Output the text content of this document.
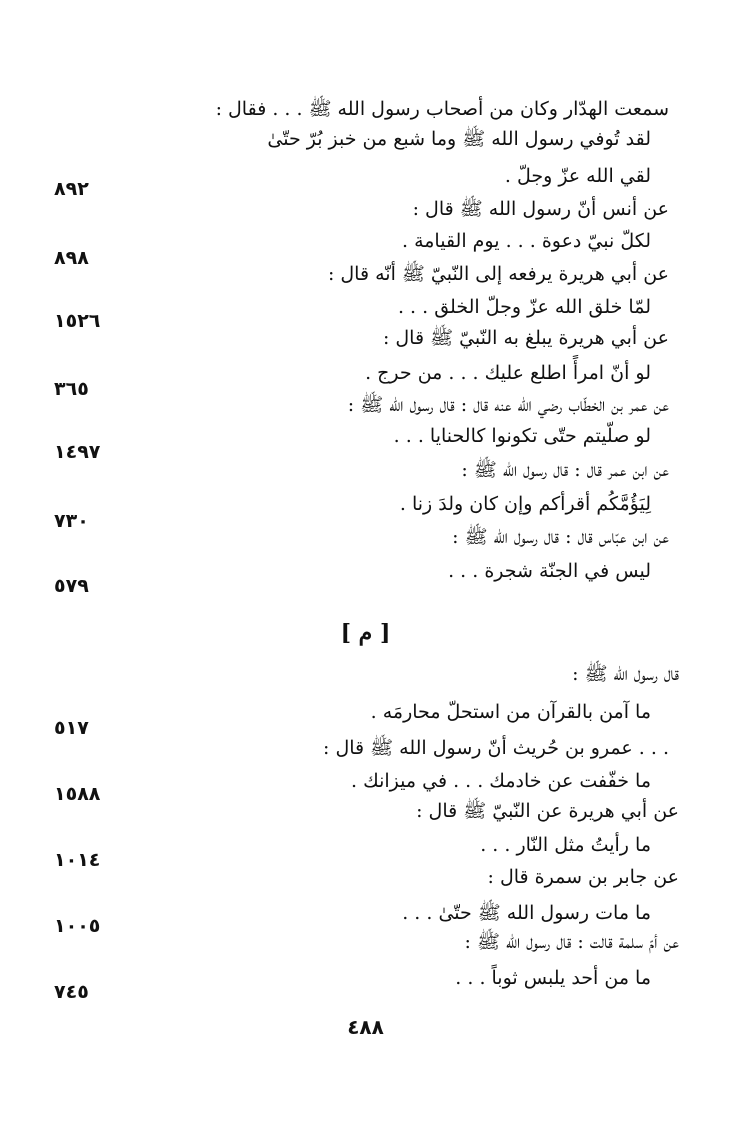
سمعت الهدّار وكان من أصحاب رسول الله ﷺ . . . فقال :
لقد تُوفي رسول الله ﷺ وما شبع من خبز بُرّ حتّىٰ
لقي الله عزّ وجلّ .
٨٩٢
عن أنس أنّ رسول الله ﷺ قال :
لكلّ نبيّ دعوة . . . يوم القيامة .
٨٩٨
عن أبي هريرة يرفعه إلى النّبيّ ﷺ أنّه قال :
لمّا خلق الله عزّ وجلّ الخلق . . .
١٥٢٦
عن أبي هريرة يبلغ به النّبيّ ﷺ قال :
لو أنّ امرأً اطلع عليك . . . من حرج .
٣٦٥
عن عمر بن الخطّاب رضي الله عنه قال : قال رسول الله ﷺ :
لو صلّيتم حتّى تكونوا كالحنايا . . .
١٤٩٧
عن ابن عمر قال : قال رسول الله ﷺ :
لِيَؤُمَّكُم أقرأكم وإن كان ولدَ زنا .
٧٣٠
عن ابن عبّاس قال : قال رسول الله ﷺ :
ليس في الجنّة شجرة . . .
٥٧٩
[ م ]
قال رسول الله ﷺ :
ما آمن بالقرآن من استحلّ محارمَه .
٥١٧
. . . عمرو بن حُريث أنّ رسول الله ﷺ قال :
ما خفّفت عن خادمك . . . في ميزانك .
١٥٨٨
عن أبي هريرة عن النّبيّ ﷺ قال :
ما رأيتُ مثل النّار . . .
١٠١٤
عن جابر بن سمرة قال :
ما مات رسول الله ﷺ حتّىٰ . . .
١٠٠٥
عن أمّ سلمة قالت : قال رسول الله ﷺ :
ما من أحد يلبس ثوباً . . .
٧٤٥
٤٨٨
